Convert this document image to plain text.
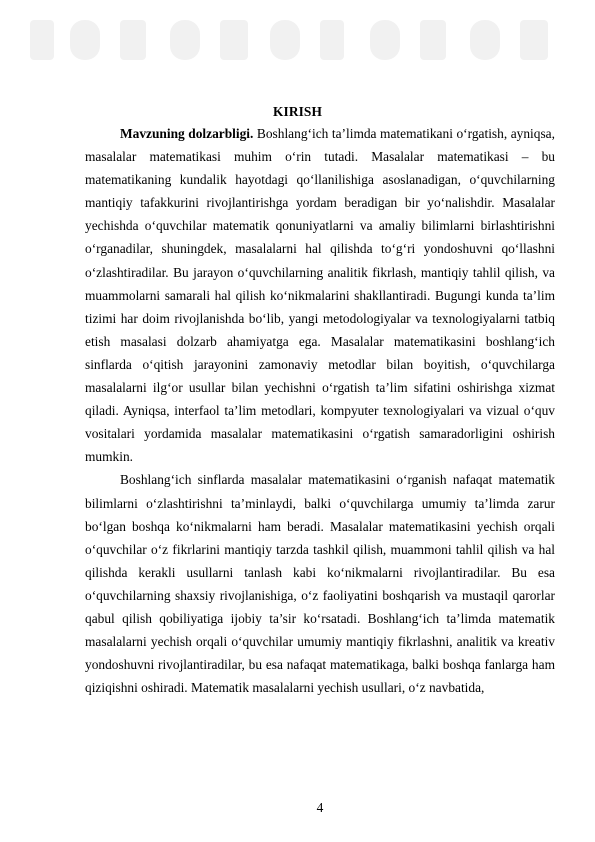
KIRISH

Mavzuning dolzarbligi. Boshlang‘ich ta’limda matematikani o‘rgatish, ayniqsa, masalalar matematikasi muhim o‘rin tutadi. Masalalar matematikasi – bu matematikaning kundalik hayotdagi qo‘llanilishiga asoslanadigan, o‘quvchilarning mantiqiy tafakkurini rivojlantirishga yordam beradigan bir yo‘nalishdir. Masalalar yechishda o‘quvchilar matematik qonuniyatlarni va amaliy bilimlarni birlashtirishni o‘rganadilar, shuningdek, masalalarni hal qilishda to‘g‘ri yondoshuvni qo‘llashni o‘zlashtiradilar. Bu jarayon o‘quvchilarning analitik fikrlash, mantiqiy tahlil qilish, va muammolarni samarali hal qilish ko‘nikmalarini shakllantiradi. Bugungi kunda ta’lim tizimi har doim rivojlanishda bo‘lib, yangi metodologiyalar va texnologiyalarni tatbiq etish masalasi dolzarb ahamiyatga ega. Masalalar matematikasini boshlang‘ich sinflarda o‘qitish jarayonini zamonaviy metodlar bilan boyitish, o‘quvchilarga masalalarni ilg‘or usullar bilan yechishni o‘rgatish ta’lim sifatini oshirishga xizmat qiladi. Ayniqsa, interfaol ta’lim metodlari, kompyuter texnologiyalari va vizual o‘quv vositalari yordamida masalalar matematikasini o‘rgatish samaradorligini oshirish mumkin.

Boshlang‘ich sinflarda masalalar matematikasini o‘rganish nafaqat matematik bilimlarni o‘zlashtirishni ta’minlaydi, balki o‘quvchilarga umumiy ta’limda zarur bo‘lgan boshqa ko‘nikmalarni ham beradi. Masalalar matematikasini yechish orqali o‘quvchilar o‘z fikrlarini mantiqiy tarzda tashkil qilish, muammoni tahlil qilish va hal qilishda kerakli usullarni tanlash kabi ko‘nikmalarni rivojlantiradilar. Bu esa o‘quvchilarning shaxsiy rivojlanishiga, o‘z faoliyatini boshqarish va mustaqil qarorlar qabul qilish qobiliyatiga ijobiy ta’sir ko‘rsatadi. Boshlang‘ich ta’limda matematik masalalarni yechish orqali o‘quvchilar umumiy mantiqiy fikrlashni, analitik va kreativ yondoshuvni rivojlantiradilar, bu esa nafaqat matematikaga, balki boshqa fanlarga ham qiziqishni oshiradi. Matematik masalalarni yechish usullari, o‘z navbatida,

4
